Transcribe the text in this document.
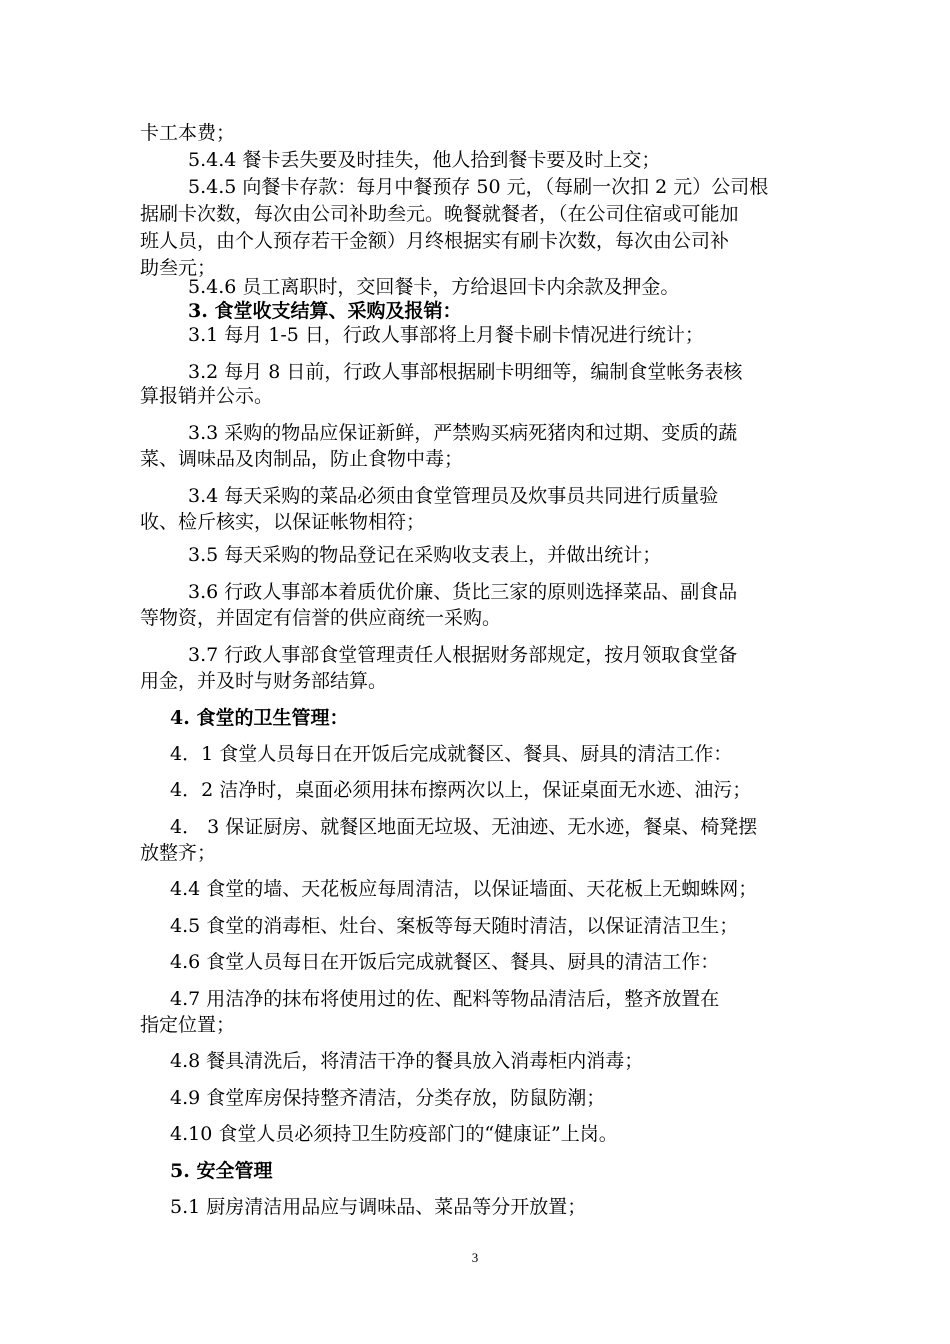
卡工本费；
5.4.4 餐卡丢失要及时挂失，他人拾到餐卡要及时上交；
5.4.5 向餐卡存款：每月中餐预存 50 元，（每刷一次扣 2 元）公司根
据刷卡次数，每次由公司补助叁元。晚餐就餐者，（在公司住宿或可能加
班人员，由个人预存若干金额）月终根据实有刷卡次数，每次由公司补
助叁元；
5.4.6 员工离职时，交回餐卡，方给退回卡内余款及押金。
3. 食堂收支结算、采购及报销：
3.1 每月 1-5 日，行政人事部将上月餐卡刷卡情况进行统计；
3.2 每月 8 日前，行政人事部根据刷卡明细等，编制食堂帐务表核
算报销并公示。
3.3 采购的物品应保证新鲜，严禁购买病死猪肉和过期、变质的蔬
菜、调味品及肉制品，防止食物中毒；
3.4 每天采购的菜品必须由食堂管理员及炊事员共同进行质量验
收、检斤核实，以保证帐物相符；
3.5 每天采购的物品登记在采购收支表上，并做出统计；
3.6 行政人事部本着质优价廉、货比三家的原则选择菜品、副食品
等物资，并固定有信誉的供应商统一采购。
3.7 行政人事部食堂管理责任人根据财务部规定，按月领取食堂备
用金，并及时与财务部结算。
4. 食堂的卫生管理：
4．1 食堂人员每日在开饭后完成就餐区、餐具、厨具的清洁工作：
4．2 洁净时，桌面必须用抹布擦两次以上，保证桌面无水迹、油污；
4． 3 保证厨房、就餐区地面无垃圾、无油迹、无水迹，餐桌、椅凳摆
放整齐；
4.4 食堂的墙、天花板应每周清洁，以保证墙面、天花板上无蜘蛛网；
4.5 食堂的消毒柜、灶台、案板等每天随时清洁，以保证清洁卫生；
4.6 食堂人员每日在开饭后完成就餐区、餐具、厨具的清洁工作：
4.7 用洁净的抹布将使用过的佐、配料等物品清洁后，整齐放置在
指定位置；
4.8 餐具清洗后，将清洁干净的餐具放入消毒柜内消毒；
4.9 食堂库房保持整齐清洁，分类存放，防鼠防潮；
4.10 食堂人员必须持卫生防疫部门的“健康证”上岗。
5. 安全管理
5.1 厨房清洁用品应与调味品、菜品等分开放置；
3
